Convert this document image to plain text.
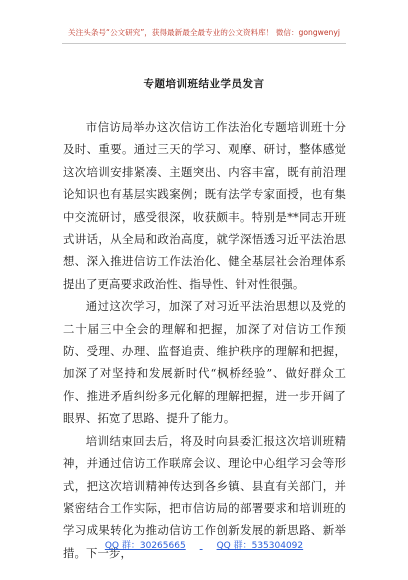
关注头条号“公文研究”，获得最新最全最专业的公文资料库！ 微信：gongwenyj
专题培训班结业学员发言

市信访局举办这次信访工作法治化专题培训班十分及时、重要。通过三天的学习、观摩、研讨，整体感觉这次培训安排紧凑、主题突出、内容丰富，既有前沿理论知识也有基层实践案例；既有法学专家面授，也有集中交流研讨，感受很深，收获颇丰。特别是**同志开班式讲话，从全局和政治高度，就学深悟透习近平法治思想、深入推进信访工作法治化、健全基层社会治理体系提出了更高要求政治性、指导性、针对性很强。

通过这次学习，加深了对习近平法治思想以及党的二十届三中全会的理解和把握，加深了对信访工作预防、受理、办理、监督追责、维护秩序的理解和把握，加深了对坚持和发展新时代“枫桥经验”、做好群众工作、推进矛盾纠纷多元化解的理解把握，进一步开阔了眼界、拓宽了思路、提升了能力。

培训结束回去后，将及时向县委汇报这次培训班精神，并通过信访工作联席会议、理论中心组学习会等形式，把这次培训精神传达到各乡镇、县直有关部门，并紧密结合工作实际，把市信访局的部署要求和培训班的学习成果转化为推动信访工作创新发展的新思路、新举措。下一步，

QQ 群：30265665	QQ 群：535304092
